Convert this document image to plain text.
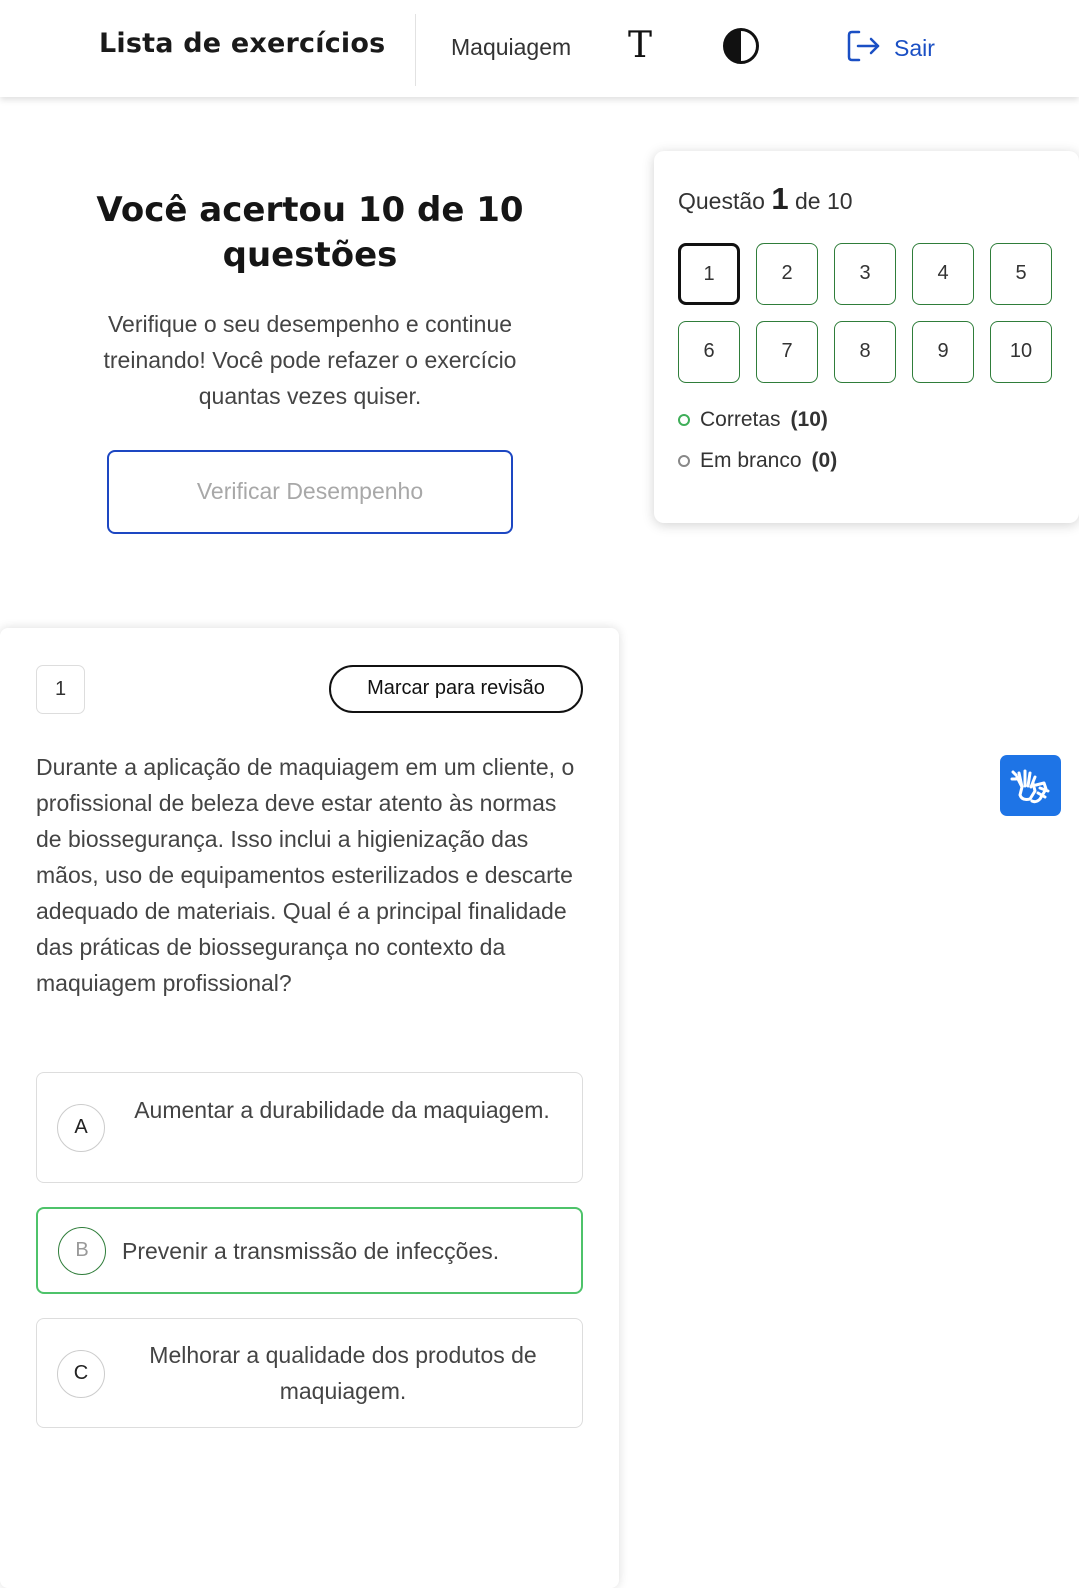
Lista de exercícios	Maquiagem T	Sair
Você acertou 10 de 10 questões
Verifique o seu desempenho e continue treinando! Você pode refazer o exercício quantas vezes quiser.
Verificar Desempenho
Questão 1 de 10
1	2	3	4	5
6	7	8	9	10
Corretas (10)
Em branco (0)
1	Marcar para revisão
Durante a aplicação de maquiagem em um cliente, o profissional de beleza deve estar atento às normas de biossegurança. Isso inclui a higienização das mãos, uso de equipamentos esterilizados e descarte adequado de materiais. Qual é a principal finalidade das práticas de biossegurança no contexto da maquiagem profissional?
A
Aumentar a durabilidade da maquiagem.
B	Prevenir a transmissão de infecções.
C
Melhorar a qualidade dos produtos de maquiagem.
